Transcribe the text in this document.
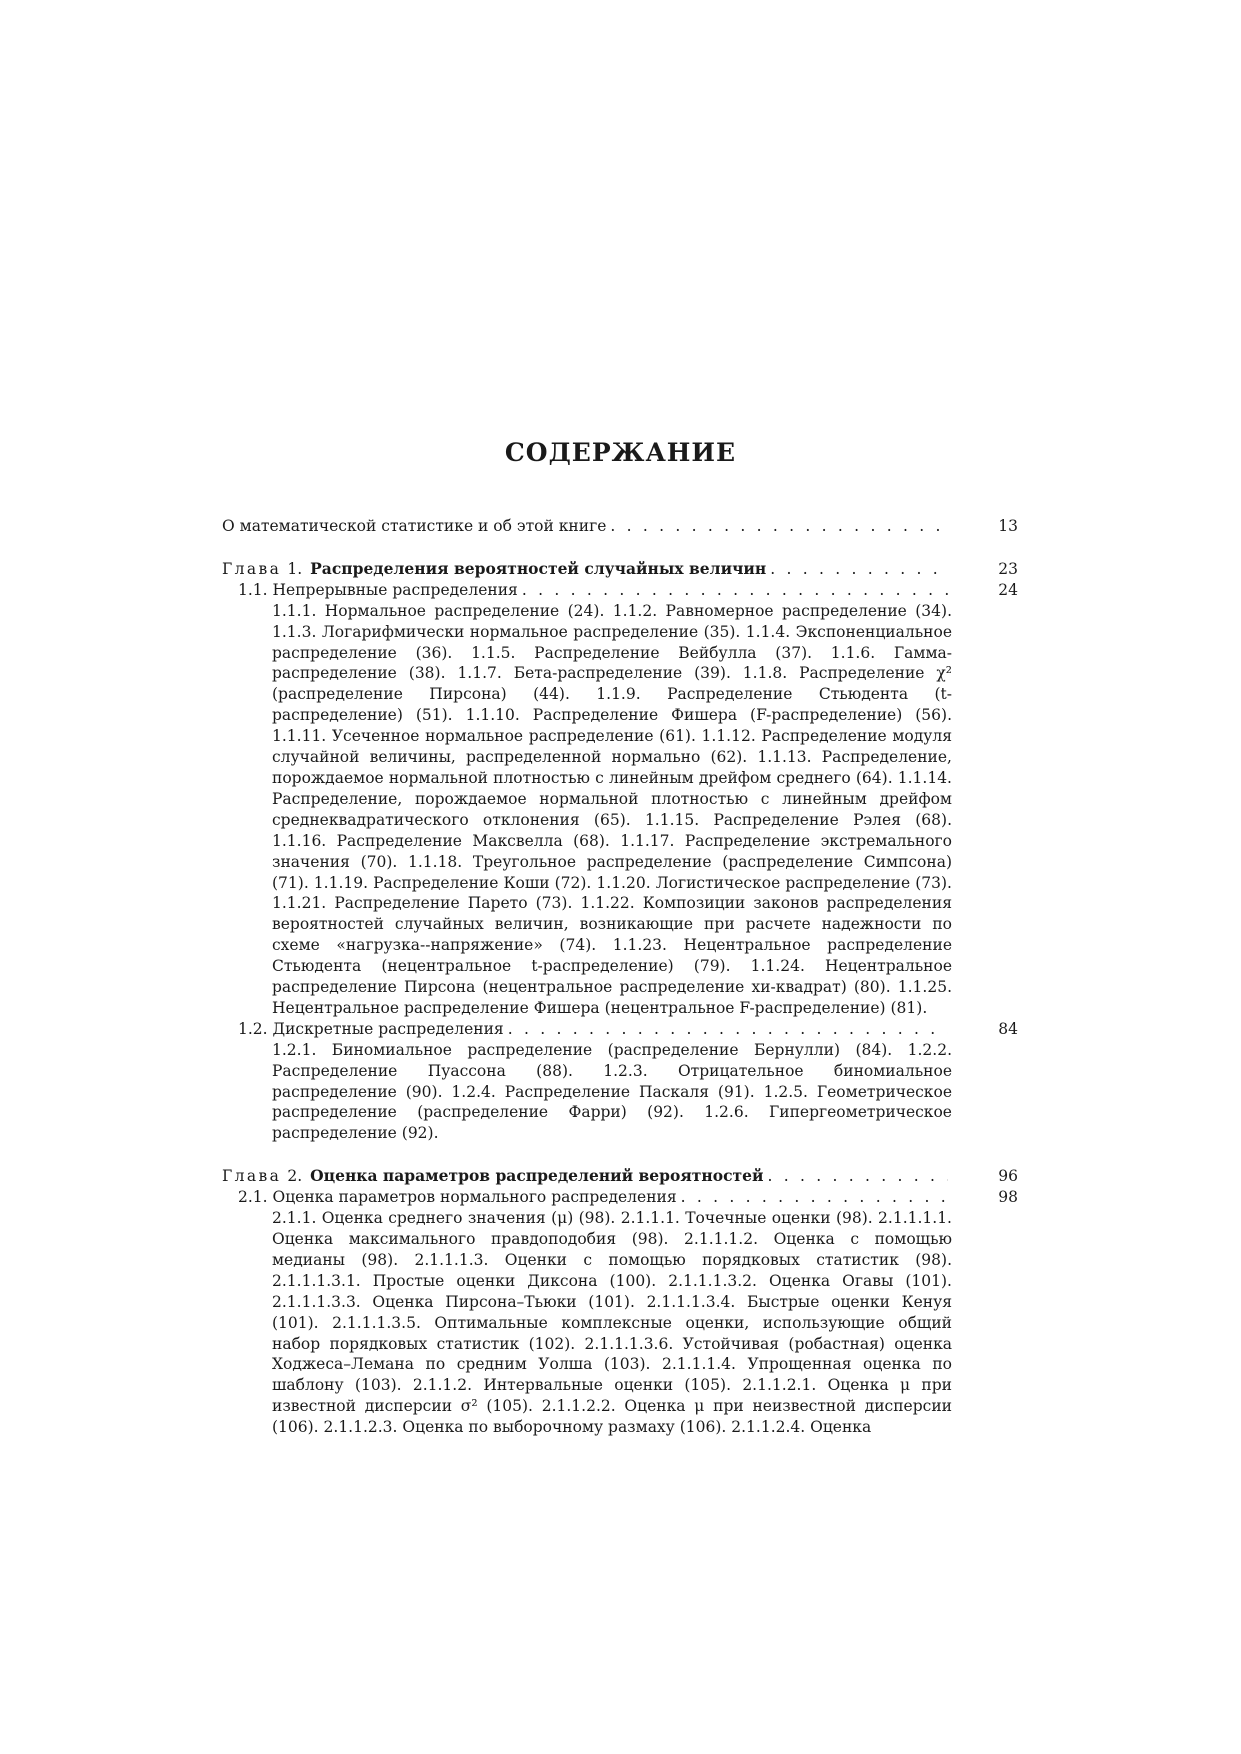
СОДЕРЖАНИЕ
О математической статистике и об этой книге . . .	13
Глава 1. Распределения вероятностей случайных величин . . .	23
1.1. Непрерывные распределения . . .	24
1.1.1. Нормальное распределение (24). 1.1.2. Равномерное распределение (34). 1.1.3. Логарифмически нормальное распределение (35). 1.1.4. Экспоненциальное распределение (36). 1.1.5. Распределение Вейбулла (37). 1.1.6. Гамма-распределение (38). 1.1.7. Бета-распределение (39). 1.1.8. Распределение χ² (распределение Пирсона) (44). 1.1.9. Распределение Стьюдента (t-распределение) (51). 1.1.10. Распределение Фишера (F-распределение) (56). 1.1.11. Усеченное нормальное распределение (61). 1.1.12. Распределение модуля случайной величины, распределенной нормально (62). 1.1.13. Распределение, порождаемое нормальной плотностью с линейным дрейфом среднего (64). 1.1.14. Распределение, порождаемое нормальной плотностью с линейным дрейфом среднеквадратического отклонения (65). 1.1.15. Распределение Рэлея (68). 1.1.16. Распределение Максвелла (68). 1.1.17. Распределение экстремального значения (70). 1.1.18. Треугольное распределение (распределение Симпсона) (71). 1.1.19. Распределение Коши (72). 1.1.20. Логистическое распределение (73). 1.1.21. Распределение Парето (73). 1.1.22. Композиции законов распределения вероятностей случайных величин, возникающие при расчете надежности по схеме «нагрузка--напряжение» (74). 1.1.23. Нецентральное распределение Стьюдента (нецентральное t-распределение) (79). 1.1.24. Нецентральное распределение Пирсона (нецентральное распределение хи-квадрат) (80). 1.1.25. Нецентральное распределение Фишера (нецентральное F-распределение) (81).
1.2. Дискретные распределения . . .	84
1.2.1. Биномиальное распределение (распределение Бернулли) (84). 1.2.2. Распределение Пуассона (88). 1.2.3. Отрицательное биномиальное распределение (90). 1.2.4. Распределение Паскаля (91). 1.2.5. Геометрическое распределение (распределение Фарри) (92). 1.2.6. Гипергеометрическое распределение (92).
Глава 2. Оценка параметров распределений вероятностей . . .	96
2.1. Оценка параметров нормального распределения . . .	98
2.1.1. Оценка среднего значения (μ) (98). 2.1.1.1. Точечные оценки (98). 2.1.1.1.1. Оценка максимального правдоподобия (98). 2.1.1.1.2. Оценка с помощью медианы (98). 2.1.1.1.3. Оценки с помощью порядковых статистик (98). 2.1.1.1.3.1. Простые оценки Диксона (100). 2.1.1.1.3.2. Оценка Огавы (101). 2.1.1.1.3.3. Оценка Пирсона–Тьюки (101). 2.1.1.1.3.4. Быстрые оценки Кенуя (101). 2.1.1.1.3.5. Оптимальные комплексные оценки, использующие общий набор порядковых статистик (102). 2.1.1.1.3.6. Устойчивая (робастная) оценка Ходжеса–Лемана по средним Уолша (103). 2.1.1.1.4. Упрощенная оценка по шаблону (103). 2.1.1.2. Интервальные оценки (105). 2.1.1.2.1. Оценка μ при известной дисперсии σ² (105). 2.1.1.2.2. Оценка μ при неизвестной дисперсии (106). 2.1.1.2.3. Оценка по выборочному размаху (106). 2.1.1.2.4. Оценка
